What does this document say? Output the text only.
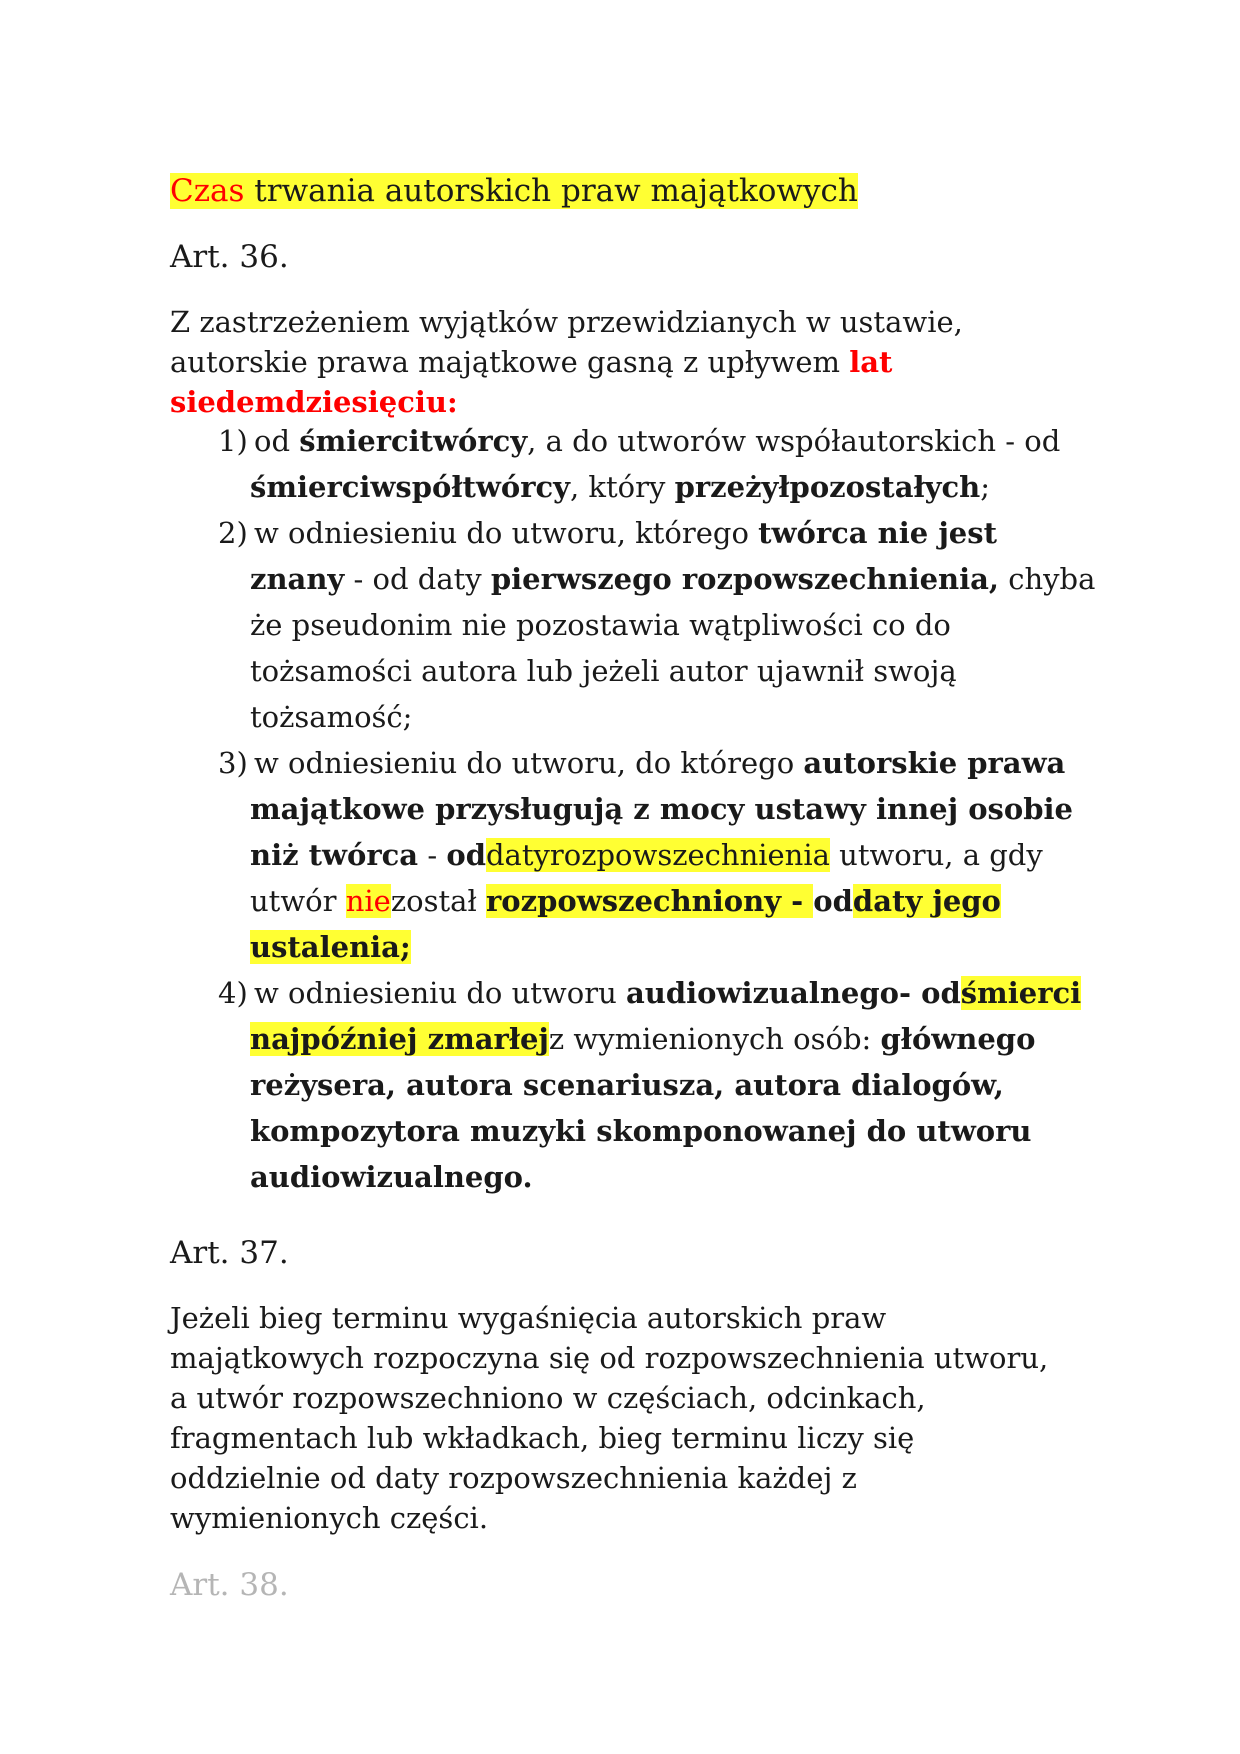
Czas trwania autorskich praw majątkowych

Art. 36.

Z zastrzeżeniem wyjątków przewidzianych w ustawie,
autorskie prawa majątkowe gasną z upływem lat
siedemdziesięciu:
1) od śmiercitwórcy, a do utworów współautorskich - od
śmierciwspółtwórcy, który przeżyłpozostałych;
2) w odniesieniu do utworu, którego twórca nie jest
znany - od daty pierwszego rozpowszechnienia, chyba
że pseudonim nie pozostawia wątpliwości co do
tożsamości autora lub jeżeli autor ujawnił swoją
tożsamość;
3) w odniesieniu do utworu, do którego autorskie prawa
majątkowe przysługują z mocy ustawy innej osobie
niż twórca - oddatyrozpowszechnienia utworu, a gdy
utwór niezostał rozpowszechniony - oddaty jego
ustalenia;
4) w odniesieniu do utworu audiowizualnego- odśmierci
najpóźniej zmarłejz wymienionych osób: głównego
reżysera, autora scenariusza, autora dialogów,
kompozytora muzyki skomponowanej do utworu
audiowizualnego.

Art. 37.

Jeżeli bieg terminu wygaśnięcia autorskich praw
majątkowych rozpoczyna się od rozpowszechnienia utworu,
a utwór rozpowszechniono w częściach, odcinkach,
fragmentach lub wkładkach, bieg terminu liczy się
oddzielnie od daty rozpowszechnienia każdej z
wymienionych części.

Art. 38.
